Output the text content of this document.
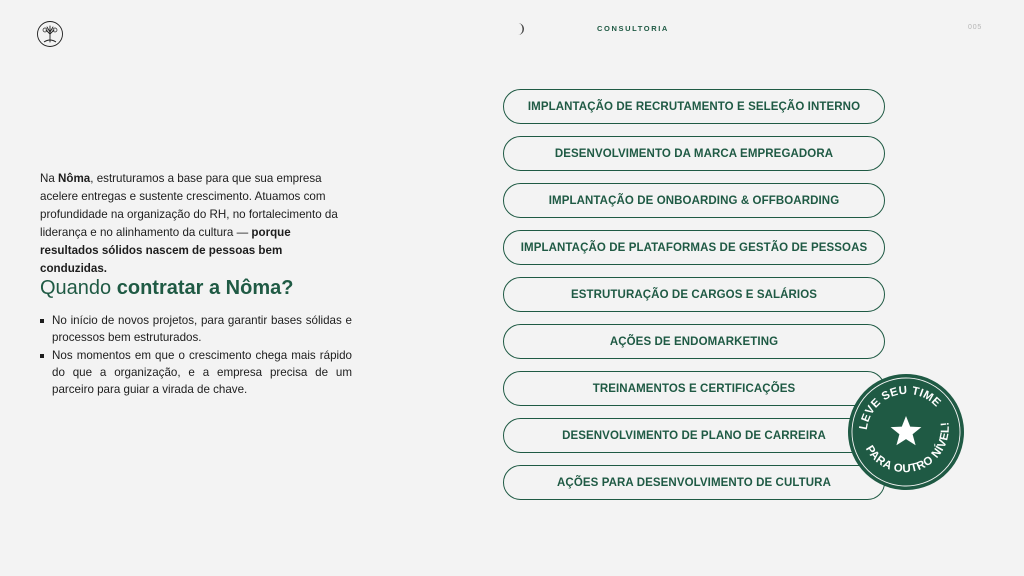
CONSULTORIA	005

Na Nôma, estruturamos a base para que sua empresa acelere entregas e sustente crescimento. Atuamos com profundidade na organização do RH, no fortalecimento da liderança e no alinhamento da cultura — porque resultados sólidos nascem de pessoas bem conduzidas.

Quando contratar a Nôma?
No início de novos projetos, para garantir bases sólidas e processos bem estruturados.
Nos momentos em que o crescimento chega mais rápido do que a organização, e a empresa precisa de um parceiro para guiar a virada de chave.
IMPLANTAÇÃO DE RECRUTAMENTO E SELEÇÃO INTERNO
DESENVOLVIMENTO DA MARCA EMPREGADORA
IMPLANTAÇÃO DE ONBOARDING & OFFBOARDING
IMPLANTAÇÃO DE PLATAFORMAS DE GESTÃO DE PESSOAS
ESTRUTURAÇÃO DE CARGOS E SALÁRIOS
AÇÕES DE ENDOMARKETING
TREINAMENTOS E CERTIFICAÇÕES
DESENVOLVIMENTO DE PLANO DE CARREIRA
AÇÕES PARA DESENVOLVIMENTO DE CULTURA
LEVE SEU TIME
PARA OUTRO NÍVEL!
